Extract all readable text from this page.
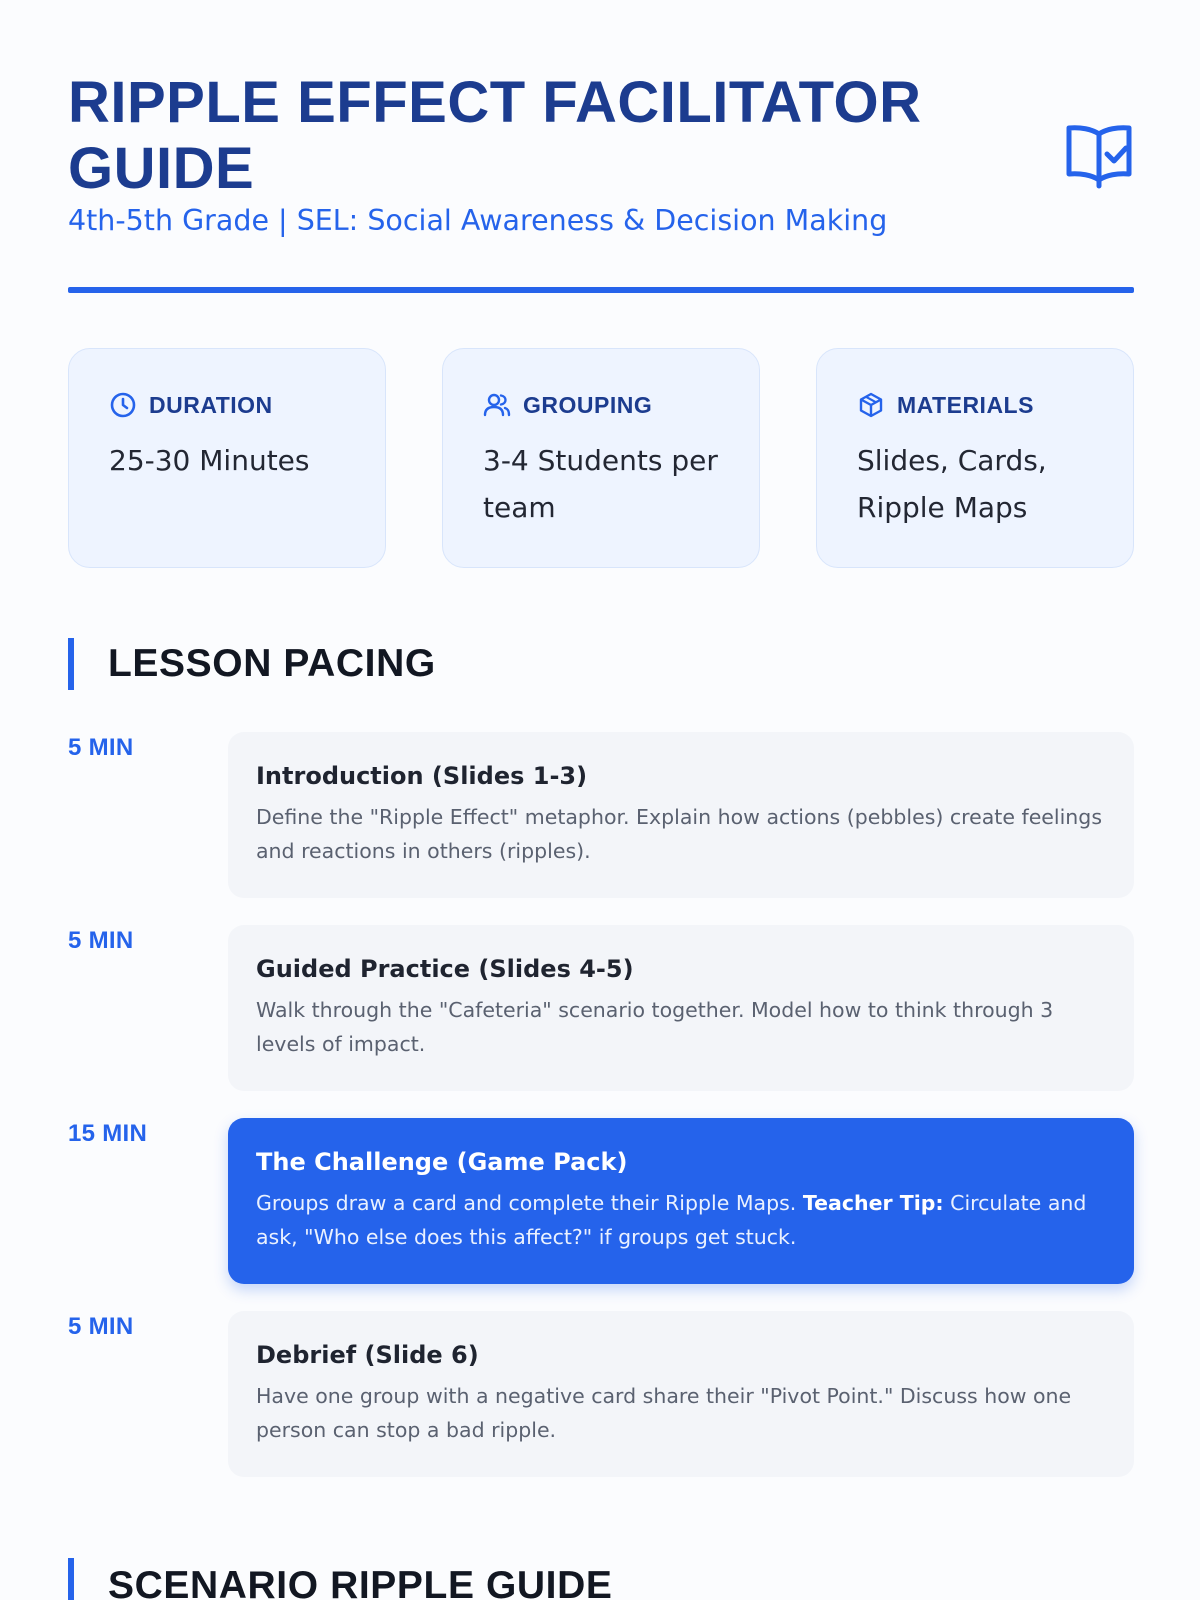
RIPPLE EFFECT FACILITATOR GUIDE

4th-5th Grade | SEL: Social Awareness & Decision Making

DURATION
25-30 Minutes
GROUPING
3-4 Students per team
MATERIALS
Slides, Cards, Ripple Maps
LESSON PACING
5 MIN

Introduction (Slides 1-3)

Define the "Ripple Effect" metaphor. Explain how actions (pebbles) create feelings and reactions in others (ripples).

5 MIN

Guided Practice (Slides 4-5)

Walk through the "Cafeteria" scenario together. Model how to think through 3 levels of impact.

15 MIN

The Challenge (Game Pack)

Groups draw a card and complete their Ripple Maps. Teacher Tip: Circulate and ask, "Who else does this affect?" if groups get stuck.

5 MIN

Debrief (Slide 6)

Have one group with a negative card share their "Pivot Point." Discuss how one person can stop a bad ripple.

SCENARIO RIPPLE GUIDE
